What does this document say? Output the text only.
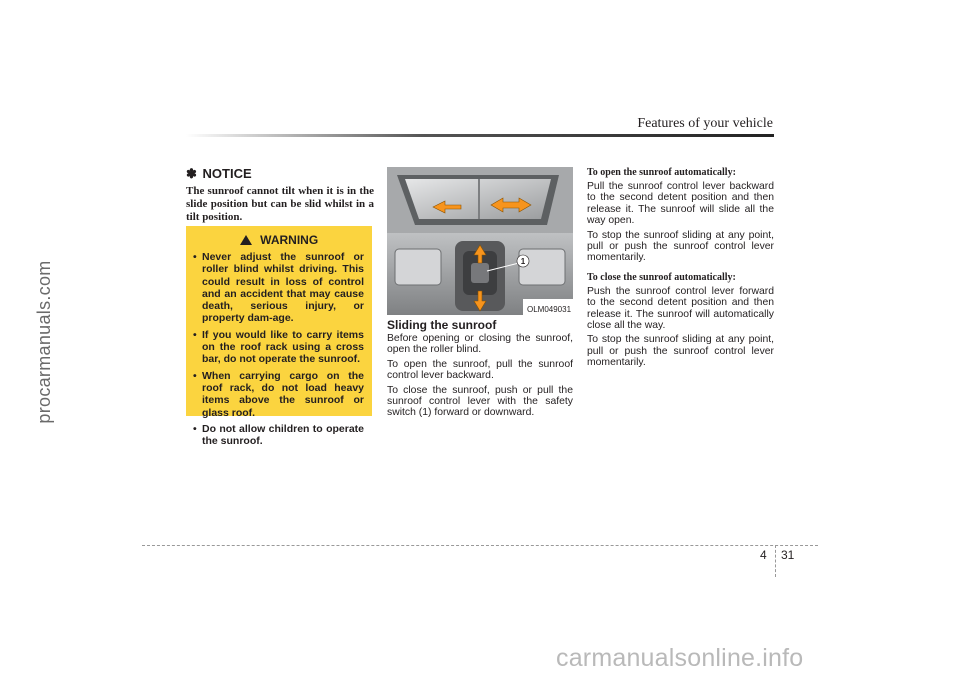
procarmanuals.com
carmanualsonline.info
Features of your vehicle
✽ NOTICE
The sunroof cannot tilt when it is in the slide position but can be slid whilst in a tilt position.
WARNING
• Never adjust the sunroof or roller blind whilst driving. This could result in loss of control and an accident that may cause death, serious injury, or property dam-age.
• If you would like to carry items on the roof rack using a cross bar, do not operate the sunroof.
• When carrying cargo on the roof rack, do not load heavy items above the sunroof or glass roof.
• Do not allow children to operate the sunroof.
1
OLM049031
Sliding the sunroof

Before opening or closing the sunroof, open the roller blind.

To open the sunroof, pull the sunroof control lever backward.

To close the sunroof, push or pull the sunroof control lever with the safety switch (1) forward or downward.

To open the sunroof automatically:

Pull the sunroof control lever backward to the second detent position and then release it. The sunroof will slide all the way open.

To stop the sunroof sliding at any point, pull or push the sunroof control lever momentarily.

To close the sunroof automatically:

Push the sunroof control lever forward to the second detent position and then release it. The sunroof will automatically close all the way.

To stop the sunroof sliding at any point, pull or push the sunroof control lever momentarily.

4 31
